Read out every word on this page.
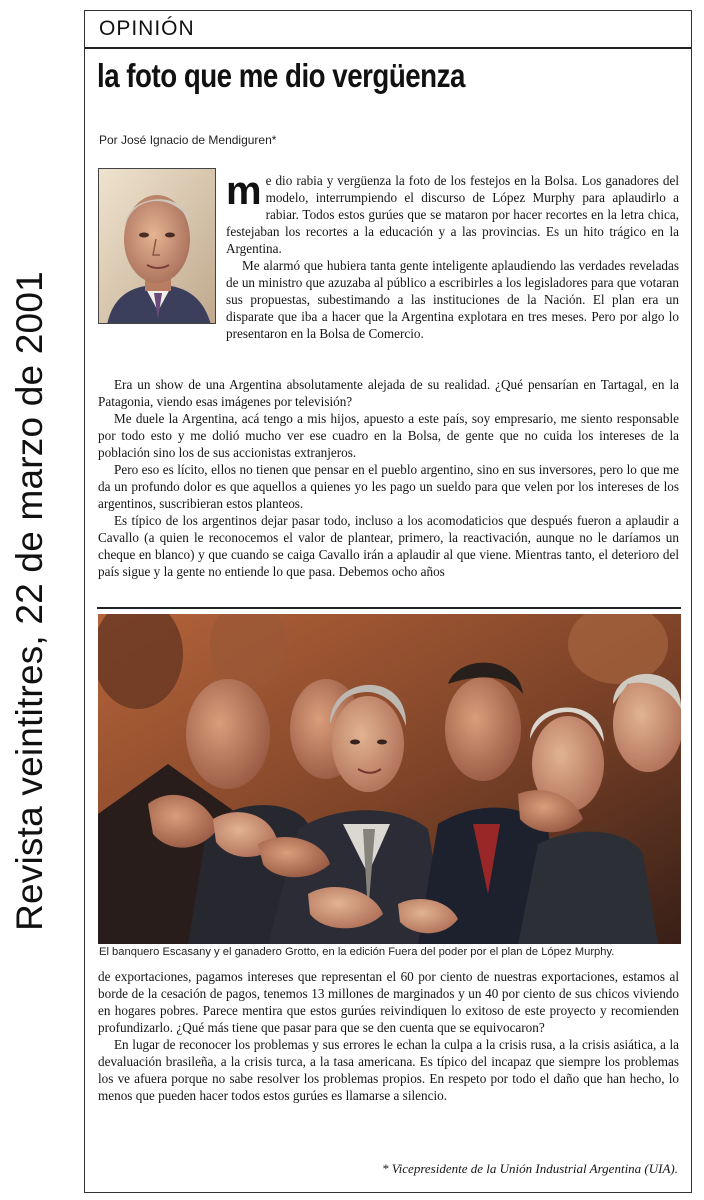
Revista veintitres, 22 de marzo de 2001
OPINIÓN
la foto que me dio vergüenza
Por José Ignacio de Mendiguren*

me dio rabia y vergüenza la foto de los festejos en la Bolsa. Los ganadores del modelo, interrumpiendo el discurso de López Murphy para aplaudirlo a rabiar. Todos estos gurúes que se mataron por hacer recortes en la letra chica, festejaban los recortes a la educación y a las provincias. Es un hito trágico en la Argentina.

Me alarmó que hubiera tanta gente inteligente aplaudiendo las verdades reveladas de un ministro que azuzaba al público a escribirles a los legisladores para que votaran sus propuestas, subestimando a las instituciones de la Nación. El plan era un disparate que iba a hacer que la Argentina explotara en tres meses. Pero por algo lo presentaron en la Bolsa de Comercio.

Era un show de una Argentina absolutamente alejada de su realidad. ¿Qué pensarían en Tartagal, en la Patagonia, viendo esas imágenes por televisión?

Me duele la Argentina, acá tengo a mis hijos, apuesto a este país, soy empresario, me siento responsable por todo esto y me dolió mucho ver ese cuadro en la Bolsa, de gente que no cuida los intereses de la población sino los de sus accionistas extranjeros.

Pero eso es lícito, ellos no tienen que pensar en el pueblo argentino, sino en sus inversores, pero lo que me da un profundo dolor es que aquellos a quienes yo les pago un sueldo para que velen por los intereses de los argentinos, suscribieran estos planteos.

Es típico de los argentinos dejar pasar todo, incluso a los acomodaticios que después fueron a aplaudir a Cavallo (a quien le reconocemos el valor de plantear, primero, la reactivación, aunque no le daríamos un cheque en blanco) y que cuando se caiga Cavallo irán a aplaudir al que viene. Mientras tanto, el deterioro del país sigue y la gente no entiende lo que pasa. Debemos ocho años

El banquero Escasany y el ganadero Grotto, en la edición Fuera del poder por el plan de López Murphy.

de exportaciones, pagamos intereses que representan el 60 por ciento de nuestras exportaciones, estamos al borde de la cesación de pagos, tenemos 13 millones de marginados y un 40 por ciento de sus chicos viviendo en hogares pobres. Parece mentira que estos gurúes reivindiquen lo exitoso de este proyecto y recomienden profundizarlo. ¿Qué más tiene que pasar para que se den cuenta que se equivocaron?

En lugar de reconocer los problemas y sus errores le echan la culpa a la crisis rusa, a la crisis asiática, a la devaluación brasileña, a la crisis turca, a la tasa americana. Es típico del incapaz que siempre los problemas los ve afuera porque no sabe resolver los problemas propios. En respeto por todo el daño que han hecho, lo menos que pueden hacer todos estos gurúes es llamarse a silencio.

* Vicepresidente de la Unión Industrial Argentina (UIA).
